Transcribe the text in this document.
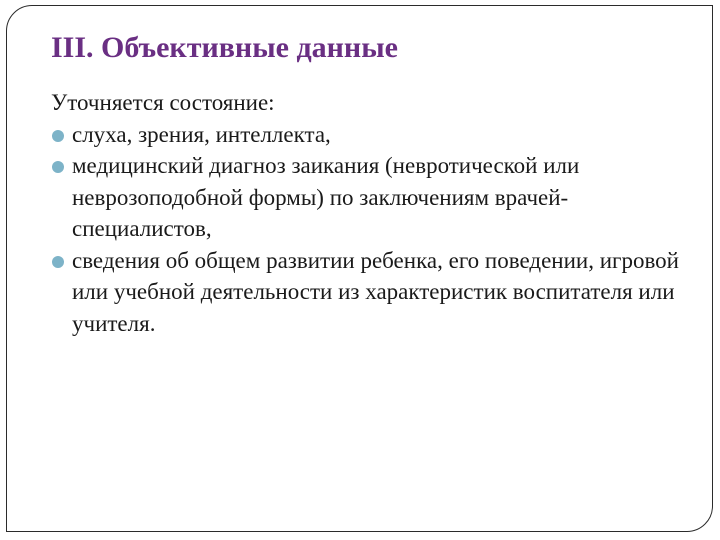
III. Объективные данные

Уточняется состояние:

слуха, зрения, интеллекта,
медицинский диагноз заикания (невротической или неврозоподобной формы) по заключениям врачей-специалистов,
сведения об общем развитии ребенка, его поведении, игровой или учебной деятельности из характеристик воспитателя или учителя.
